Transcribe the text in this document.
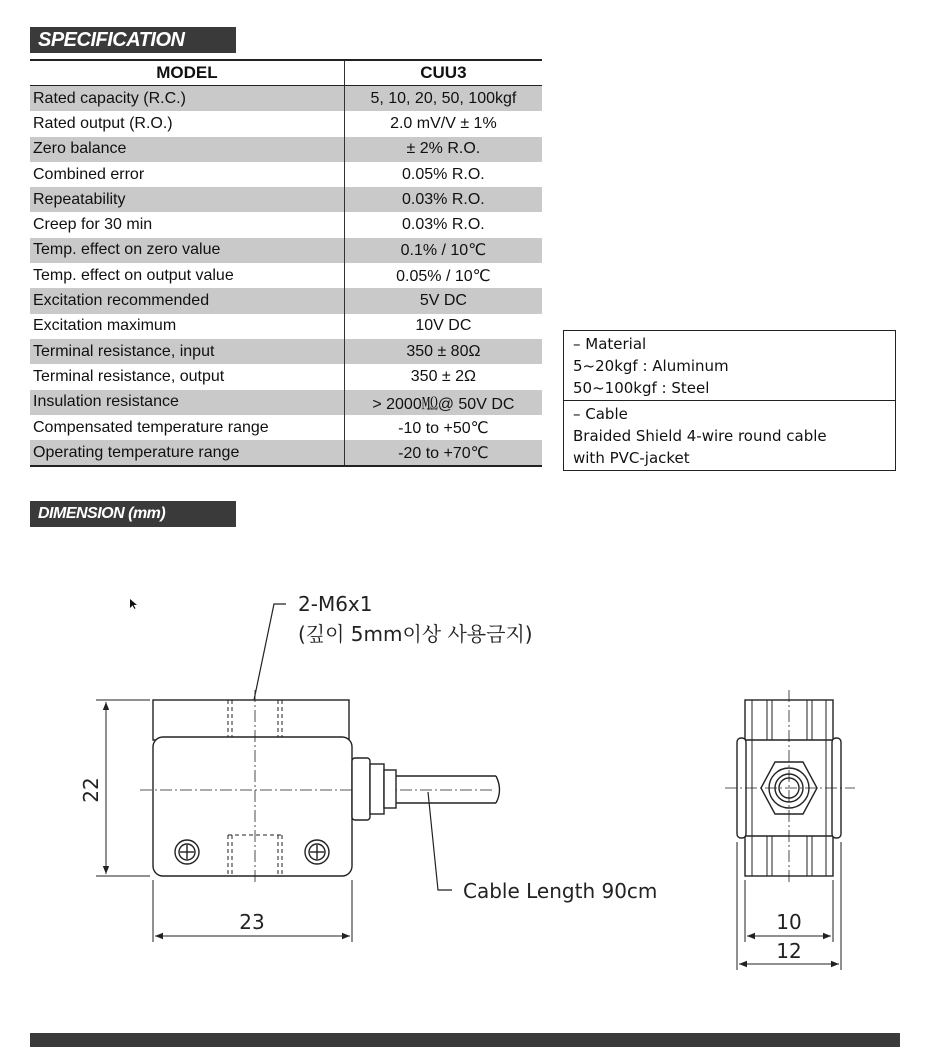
SPECIFICATION
MODEL	CUU3
Rated capacity (R.C.)	5, 10, 20, 50, 100kgf
Rated output (R.O.)	2.0 mV/V ± 1%
Zero balance	± 2% R.O.
Combined error	0.05% R.O.
Repeatability	0.03% R.O.
Creep for 30 min	0.03% R.O.
Temp. effect on zero value	0.1% / 10℃
Temp. effect on output value	0.05% / 10℃
Excitation recommended	5V DC
Excitation maximum	10V DC
Terminal resistance, input	350 ± 80Ω
Terminal resistance, output	350 ± 2Ω
Insulation resistance	> 2000㏁@ 50V DC
Compensated temperature range	-10 to +50℃
Operating temperature range	-20 to +70℃
– Material
5~20kgf : Aluminum
50~100kgf : Steel
– Cable
Braided Shield 4-wire round cable
with PVC-jacket
DIMENSION (mm)
2-M6x1
(깊이 5mm이상 사용금지)
Cable Length 90cm
22
23	10
12
